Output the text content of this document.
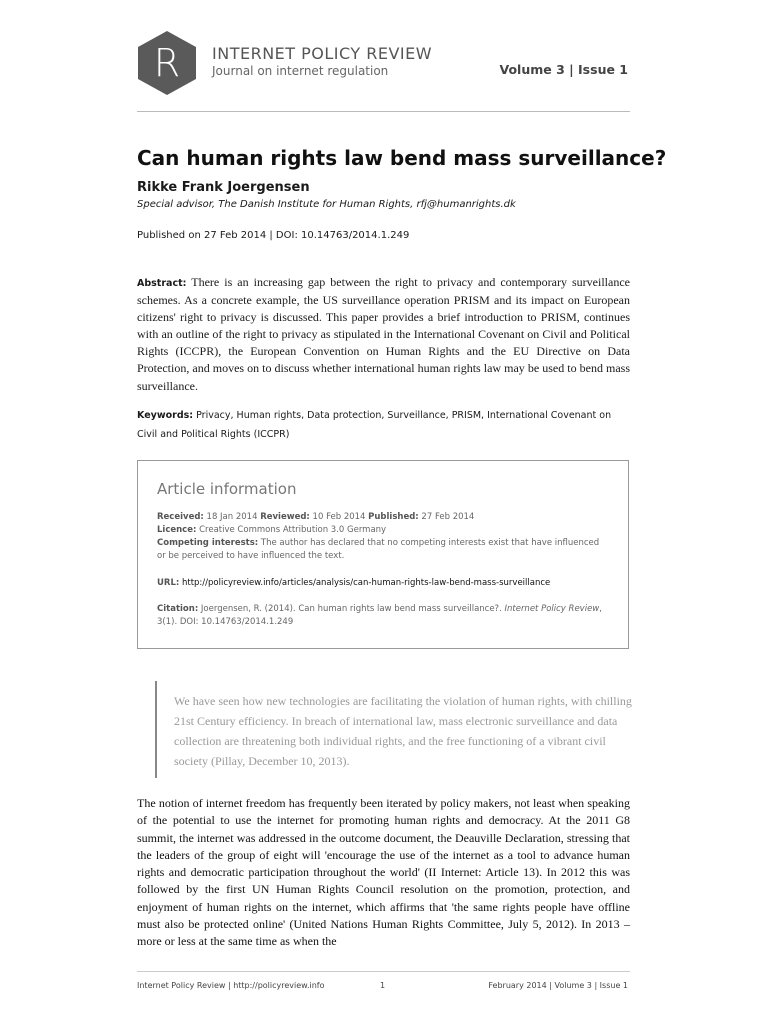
R INTERNET POLICY REVIEW
Journal on internet regulation	Volume 3 | Issue 1
Can human rights law bend mass surveillance?
Rikke Frank Joergensen
Special advisor, The Danish Institute for Human Rights, rfj@humanrights.dk
Published on 27 Feb 2014 | DOI: 10.14763/2014.1.249

Abstract: There is an increasing gap between the right to privacy and contemporary surveillance schemes. As a concrete example, the US surveillance operation PRISM and its impact on European citizens' right to privacy is discussed. This paper provides a brief introduction to PRISM, continues with an outline of the right to privacy as stipulated in the International Covenant on Civil and Political Rights (ICCPR), the European Convention on Human Rights and the EU Directive on Data Protection, and moves on to discuss whether international human rights law may be used to bend mass surveillance.

Keywords: Privacy, Human rights, Data protection, Surveillance, PRISM, International Covenant on Civil and Political Rights (ICCPR)

Article information
Received: 18 Jan 2014 Reviewed: 10 Feb 2014 Published: 27 Feb 2014
Licence: Creative Commons Attribution 3.0 Germany
Competing interests: The author has declared that no competing interests exist that have influenced
or be perceived to have influenced the text.
URL: http://policyreview.info/articles/analysis/can-human-rights-law-bend-mass-surveillance
Citation: Joergensen, R. (2014). Can human rights law bend mass surveillance?. Internet Policy Review,
3(1). DOI: 10.14763/2014.1.249

We have seen how new technologies are facilitating the violation of human rights, with chilling 21st Century efficiency. In breach of international law, mass electronic surveillance and data collection are threatening both individual rights, and the free functioning of a vibrant civil society (Pillay, December 10, 2013).

The notion of internet freedom has frequently been iterated by policy makers, not least when speaking of the potential to use the internet for promoting human rights and democracy. At the 2011 G8 summit, the internet was addressed in the outcome document, the Deauville Declaration, stressing that the leaders of the group of eight will 'encourage the use of the internet as a tool to advance human rights and democratic participation throughout the world' (II Internet: Article 13). In 2012 this was followed by the first UN Human Rights Council resolution on the promotion, protection, and enjoyment of human rights on the internet, which affirms that 'the same rights people have offline must also be protected online' (United Nations Human Rights Committee, July 5, 2012). In 2013 – more or less at the same time as when the

Internet Policy Review | http://policyreview.info	1	February 2014 | Volume 3 | Issue 1
